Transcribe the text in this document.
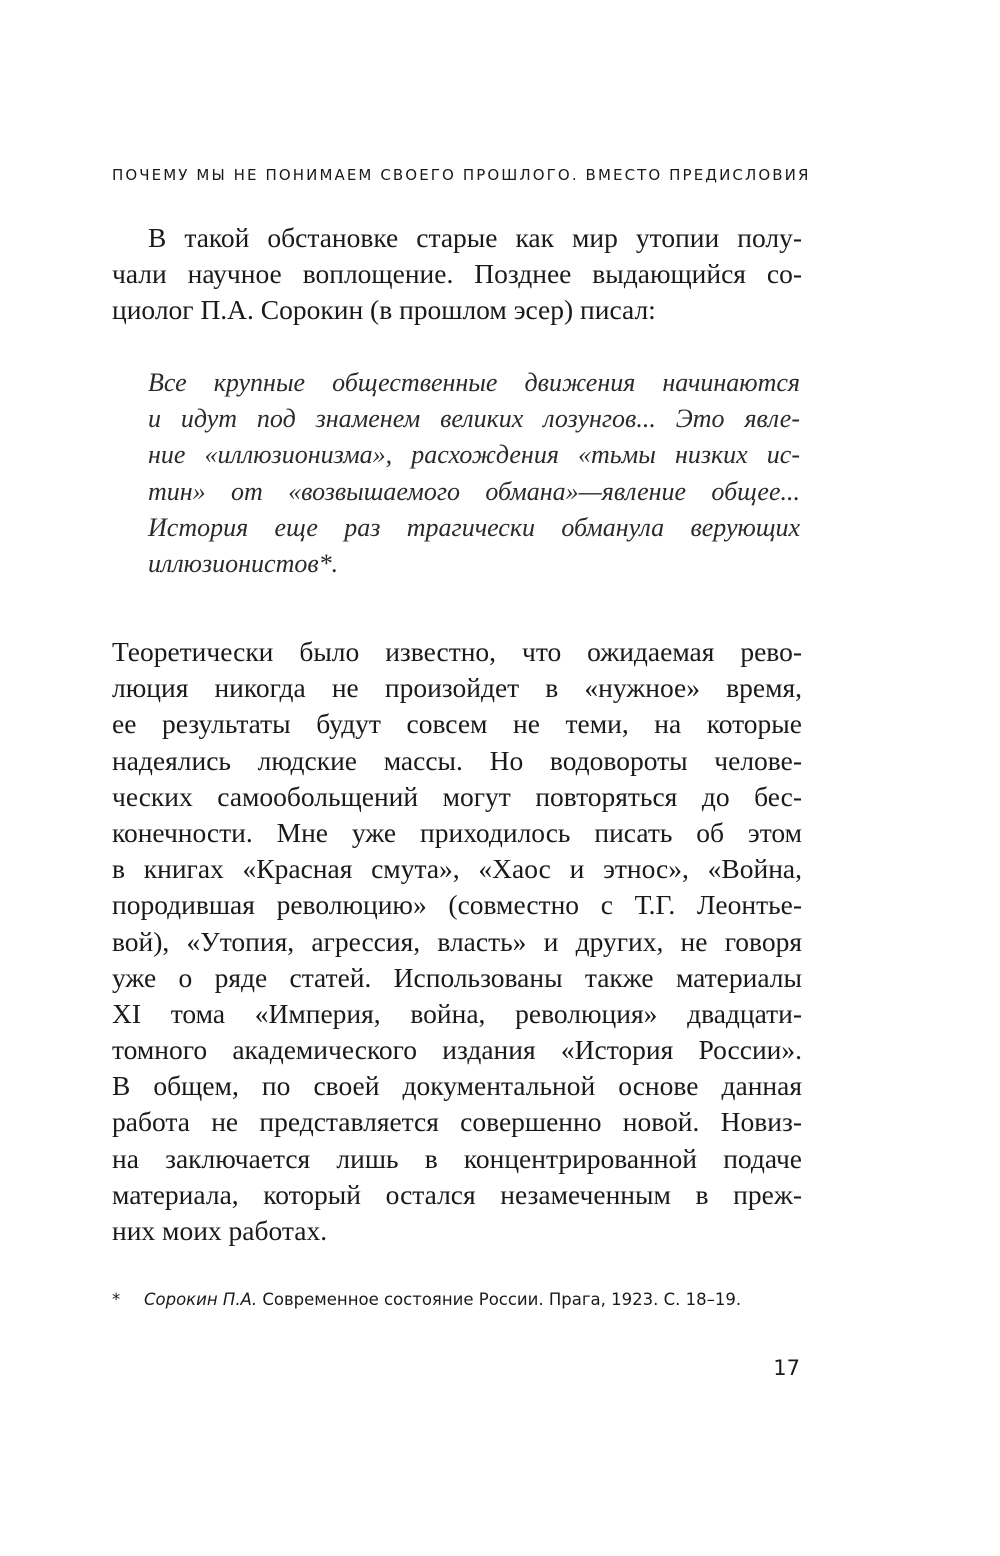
ПОЧЕМУ МЫ НЕ ПОНИМАЕМ СВОЕГО ПРОШЛОГО. ВМЕСТО ПРЕДИСЛОВИЯ
В такой обстановке старые как мир утопии полу-
чали научное воплощение. Позднее выдающийся со-
циолог П.А. Сорокин (в прошлом эсер) писал:
Все крупные общественные движения начинаются
и идут под знаменем великих лозунгов... Это явле-
ние «иллюзионизма», расхождения «тьмы низких ис-
тин» от «возвышаемого обмана»—явление общее...
История еще раз трагически обманула верующих
иллюзионистов*.
Теоретически было известно, что ожидаемая рево-
люция никогда не произойдет в «нужное» время,
ее результаты будут совсем не теми, на которые
надеялись людские массы. Но водовороты челове-
ческих самообольщений могут повторяться до бес-
конечности. Мне уже приходилось писать об этом
в книгах «Красная смута», «Хаос и этнос», «Война,
породившая революцию» (совместно с Т.Г. Леонтье-
вой), «Утопия, агрессия, власть» и других, не говоря
уже о ряде статей. Использованы также материалы
XI тома «Империя, война, революция» двадцати-
томного академического издания «История России».
В общем, по своей документальной основе данная
работа не представляется совершенно новой. Новиз-
на заключается лишь в концентрированной подаче
материала, который остался незамеченным в преж-
них моих работах.
* Сорокин П.А. Современное состояние России. Прага, 1923. С. 18–19.
17
